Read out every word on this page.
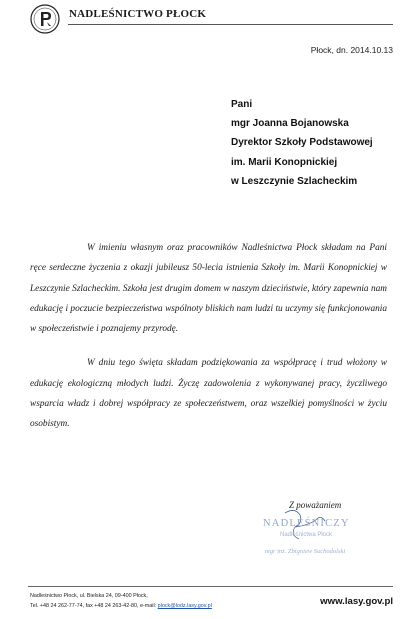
NADLEŚNICTWO PŁOCK
Płock, dn. 2014.10.13
Pani
mgr Joanna Bojanowska
Dyrektor Szkoły Podstawowej
im. Marii Konopnickiej
w Leszczynie Szlacheckim

W imieniu własnym oraz pracowników Nadleśnictwa Płock składam na Pani ręce serdeczne życzenia z okazji jubileusz 50-lecia istnienia Szkoły im. Marii Konopnickiej w Leszczynie Szlacheckim. Szkoła jest drugim domem w naszym dzieciństwie, który zapewnia nam edukację i poczucie bezpieczeństwa wspólnoty bliskich nam ludzi tu uczymy się funkcjonowania w społeczeństwie i poznajemy przyrodę.

W dniu tego święta składam podziękowania za współpracę i trud włożony w edukację ekologiczną młodych ludzi. Życzę zadowolenia z wykonywanej pracy, życzliwego wsparcia władz i dobrej współpracy ze społeczeństwem, oraz wszelkiej pomyślności w życiu osobistym.

Z poważaniem
NADLEŚNICZY
Nadleśnictwa Płock
mgr inż. Zbigniew Suchodolski
Nadleśnictwo Płock, ul. Bielska 24, 09-400 Płock,
Tel. +48 24 262-77-74, fax +48 24 263-42-80, e-mail: plock@lodz.lasy.gov.pl	www.lasy.gov.pl
